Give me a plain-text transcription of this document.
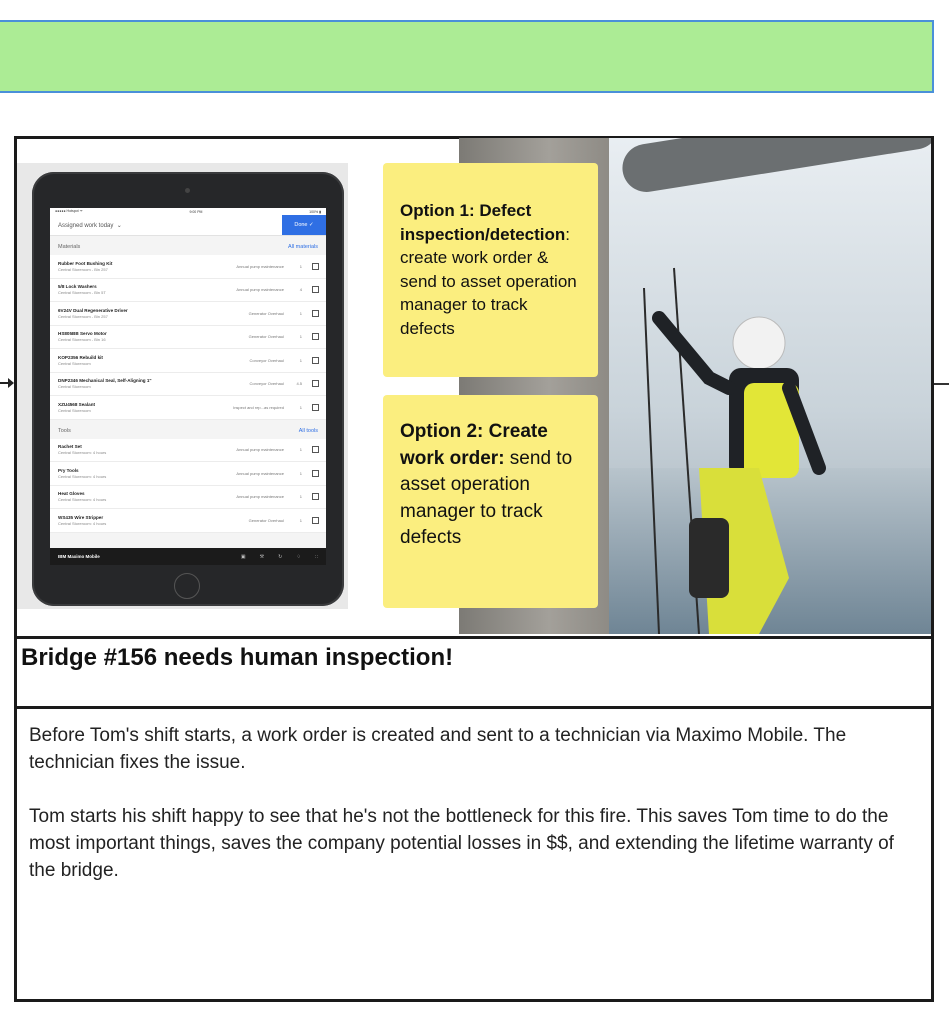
●●●●● Hotspot ᯤ	9:00 PM	100% ▮
Assigned work today  ⌄	Done ✓
Materials	All materials
Rubber Foot Bushing Kit
Central Storeroom - Bin 257
Annual pump maintenance	1
5/8 Lock Washers
Central Storeroom - Bin 5T
Annual pump maintenance	4
6V24V Dual Regenerative Driver
Central Storeroom - Bin 257
Generator Overhaul	1
HS805BB Servo Motor
Central Storeroom - Bin 16
Generator Overhaul	1
KOP2356 Rebuild kit
Central Storeroom
Conveyor Overhaul	1
DNP2346 Mechanical Seal, Self-Aligning 1"
Central Storeroom
Conveyor Overhaul	4.5
XZU4568 Sealant
Central Storeroom
Inspect and rep...as required	1
Tools	All tools
Rachet Set
Central Storeroom: 4 hours
Annual pump maintenance	1
Pry Tools
Central Storeroom: 4 hours
Annual pump maintenance	1
Heat Gloves
Central Storeroom: 4 hours
Annual pump maintenance	1
WS435 Wire Stripper
Central Storeroom: 4 hours
Generator Overhaul	1
IBM Maximo Mobile	▣	⚒	↻	♢	∷
Option 1: Defect inspection/detection: create work order & send to asset operation manager to track defects
Option 2: Create work order: send to asset operation manager to track defects
Bridge #156 needs human inspection!

Before Tom's shift starts, a work order is created and sent to a technician via Maximo Mobile. The technician fixes the issue.

Tom starts his shift happy to see that he's not the bottleneck for this fire. This saves Tom time to do the most important things, saves the company potential losses in $$, and extending the lifetime warranty of the bridge.
